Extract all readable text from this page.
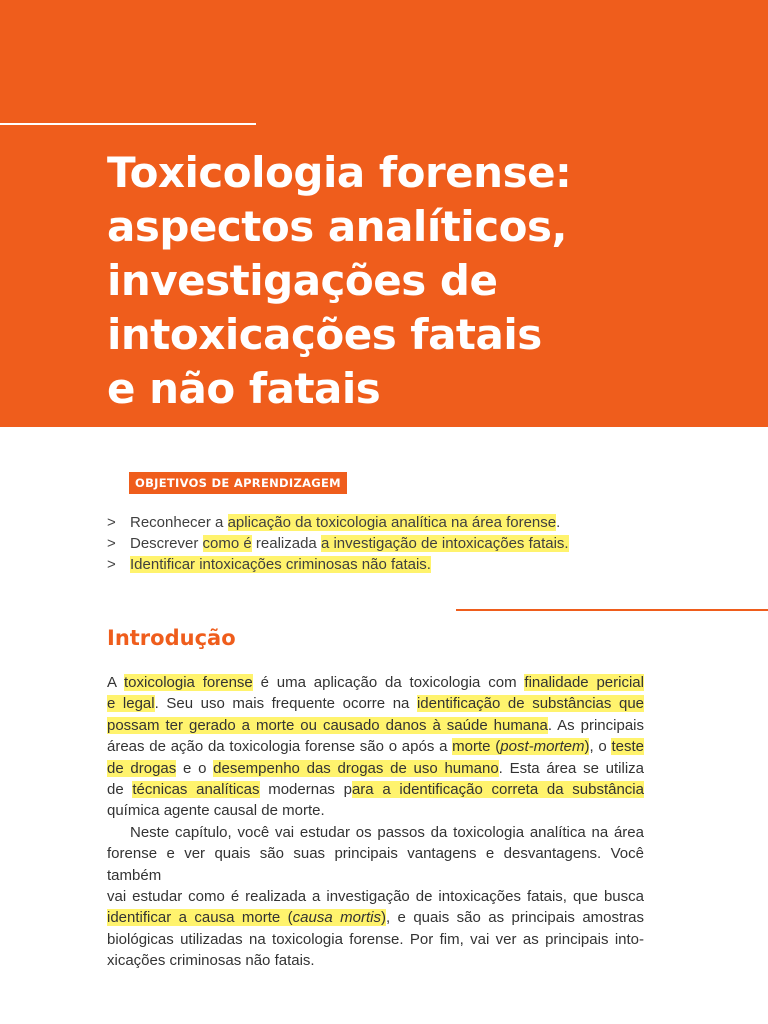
Toxicologia forense:
aspectos analíticos,
investigações de
intoxicações fatais
e não fatais
OBJETIVOS DE APRENDIZAGEM
> Reconhecer a aplicação da toxicologia analítica na área forense.
> Descrever como é realizada a investigação de intoxicações fatais.
> Identificar intoxicações criminosas não fatais.
Introdução
A toxicologia forense é uma aplicação da toxicologia com finalidade pericial
e legal. Seu uso mais frequente ocorre na identificação de substâncias que
possam ter gerado a morte ou causado danos à saúde humana. As principais
áreas de ação da toxicologia forense são o após a morte (post-mortem), o teste
de drogas e o desempenho das drogas de uso humano. Esta área se utiliza
de técnicas analíticas modernas para a identificação correta da substância
química agente causal de morte.
Neste capítulo, você vai estudar os passos da toxicologia analítica na área
forense e ver quais são suas principais vantagens e desvantagens. Você também
vai estudar como é realizada a investigação de intoxicações fatais, que busca
identificar a causa morte (causa mortis), e quais são as principais amostras
biológicas utilizadas na toxicologia forense. Por fim, vai ver as principais into-
xicações criminosas não fatais.
